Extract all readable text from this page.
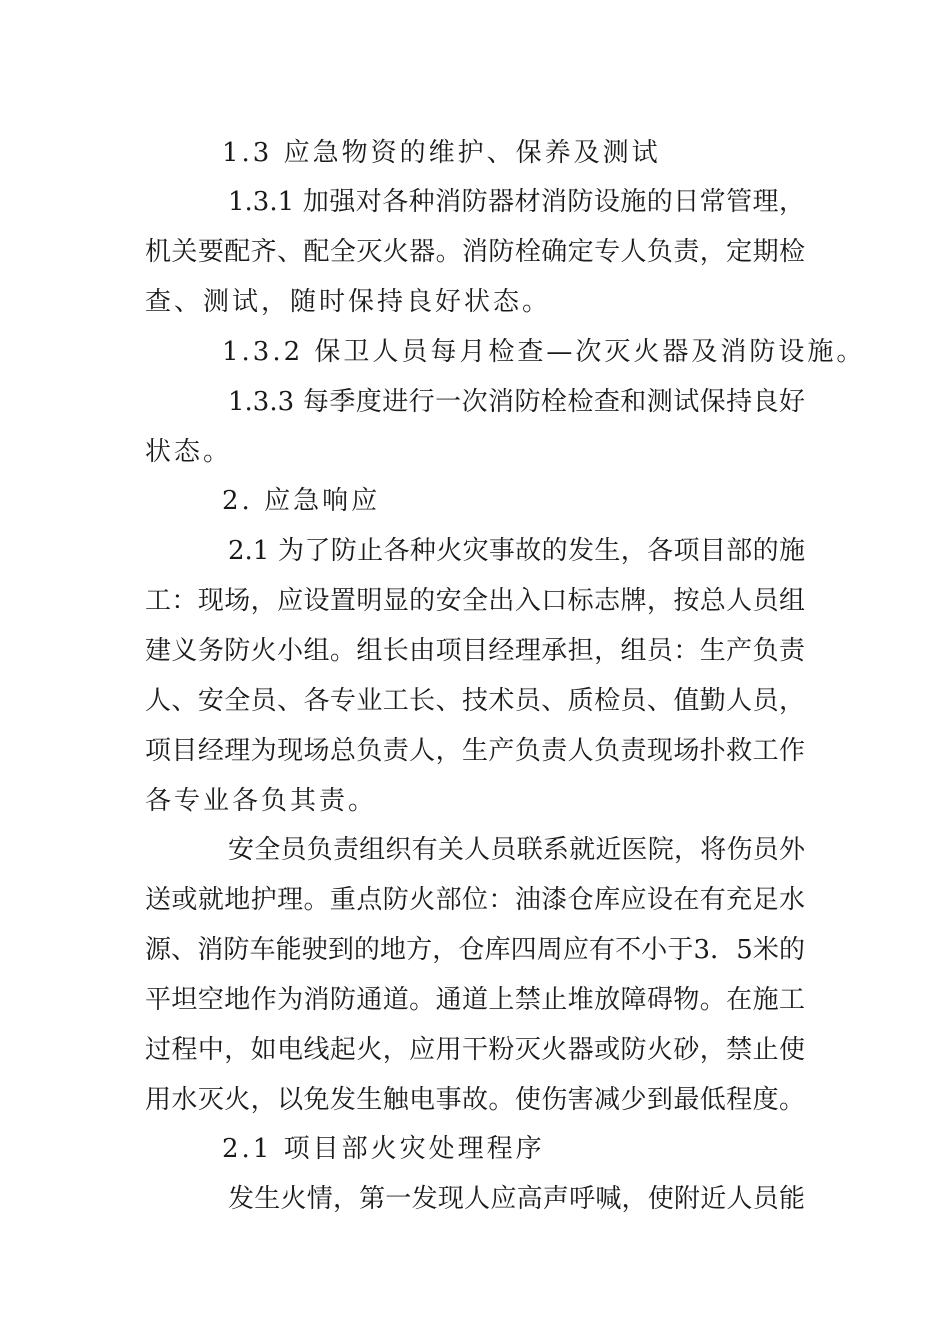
1.3 应急物资的维护、保养及测试
1.3.1 加强对各种消防器材消防设施的日常管理，
机关要配齐、配全灭火器。消防栓确定专人负责，定期检
查、测试，随时保持良好状态。
1.3.2 保卫人员每月检查—次灭火器及消防设施。
1.3.3 每季度进行一次消防栓检查和测试保持良好
状态。
2. 应急响应
2.1 为了防止各种火灾事故的发生，各项目部的施
工：现场，应设置明显的安全出入口标志牌，按总人员组
建义务防火小组。组长由项目经理承担，组员：生产负责
人、安全员、各专业工长、技术员、质检员、值勤人员，
项目经理为现场总负责人，生产负责人负责现场扑救工作
各专业各负其责。
安全员负责组织有关人员联系就近医院，将伤员外
送或就地护理。重点防火部位：油漆仓库应设在有充足水
源、消防车能驶到的地方，仓库四周应有不小于3．5米的
平坦空地作为消防通道。通道上禁止堆放障碍物。在施工
过程中，如电线起火，应用干粉灭火器或防火砂，禁止使
用水灭火，以免发生触电事故。使伤害减少到最低程度。
2.1 项目部火灾处理程序
发生火情，第一发现人应高声呼喊，使附近人员能
